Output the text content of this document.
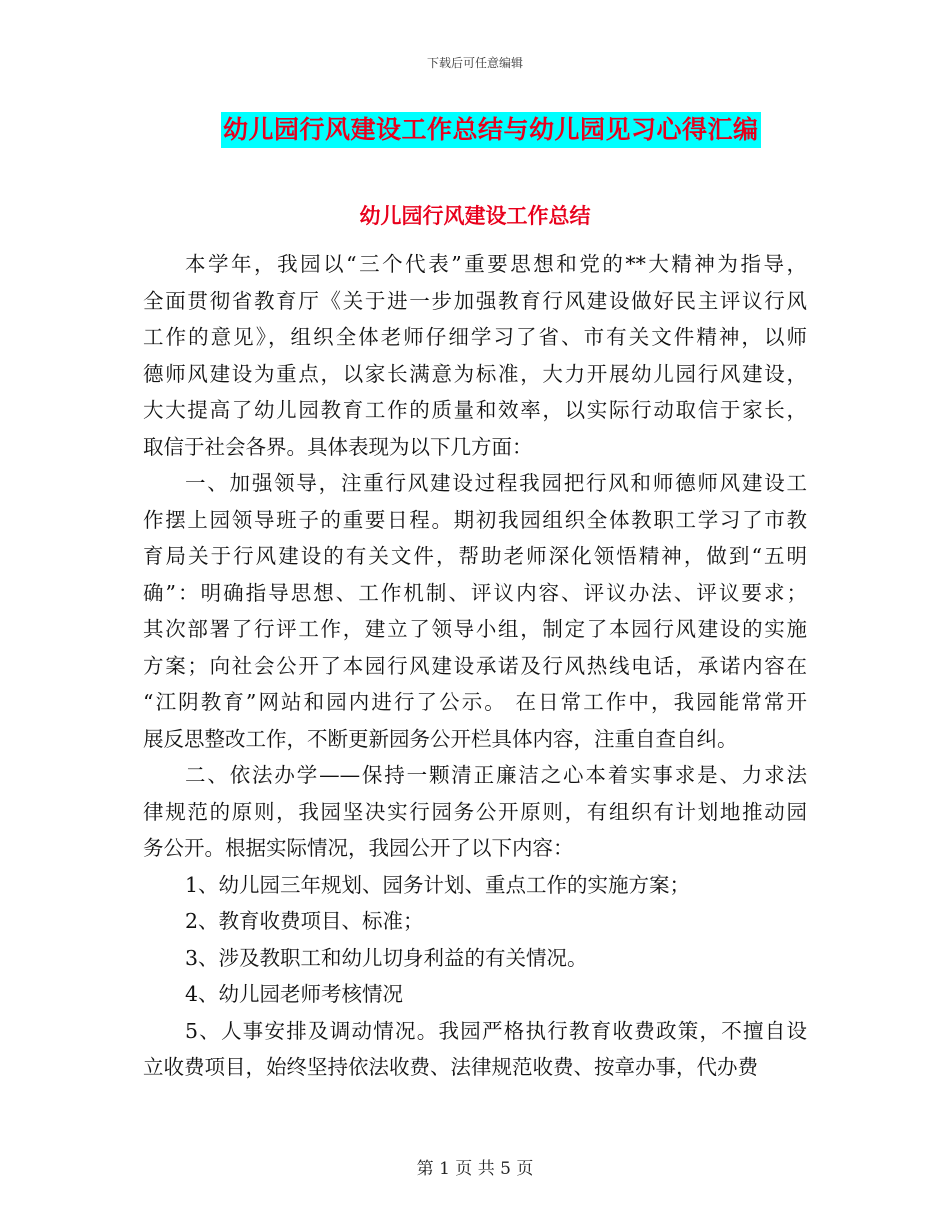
下载后可任意编辑
幼儿园行风建设工作总结与幼儿园见习心得汇编
幼儿园行风建设工作总结
本学年，我园以“三个代表”重要思想和党的**大精神为指导，
全面贯彻省教育厅《关于进一步加强教育行风建设做好民主评议行风
工作的意见》，组织全体老师仔细学习了省、市有关文件精神，以师
德师风建设为重点，以家长满意为标准，大力开展幼儿园行风建设，
大大提高了幼儿园教育工作的质量和效率，以实际行动取信于家长，
取信于社会各界。具体表现为以下几方面：
一、加强领导，注重行风建设过程我园把行风和师德师风建设工
作摆上园领导班子的重要日程。期初我园组织全体教职工学习了市教
育局关于行风建设的有关文件，帮助老师深化领悟精神，做到“五明
确”：明确指导思想、工作机制、评议内容、评议办法、评议要求；
其次部署了行评工作，建立了领导小组，制定了本园行风建设的实施
方案；向社会公开了本园行风建设承诺及行风热线电话，承诺内容在
“江阴教育”网站和园内进行了公示。 在日常工作中，我园能常常开
展反思整改工作，不断更新园务公开栏具体内容，注重自查自纠。
二、依法办学——保持一颗清正廉洁之心本着实事求是、力求法
律规范的原则，我园坚决实行园务公开原则，有组织有计划地推动园
务公开。根据实际情况，我园公开了以下内容：
1、幼儿园三年规划、园务计划、重点工作的实施方案；
2、教育收费项目、标准；
3、涉及教职工和幼儿切身利益的有关情况。
4、幼儿园老师考核情况
5、人事安排及调动情况。我园严格执行教育收费政策，不擅自设
立收费项目，始终坚持依法收费、法律规范收费、按章办事，代办费
第 1 页 共 5 页
